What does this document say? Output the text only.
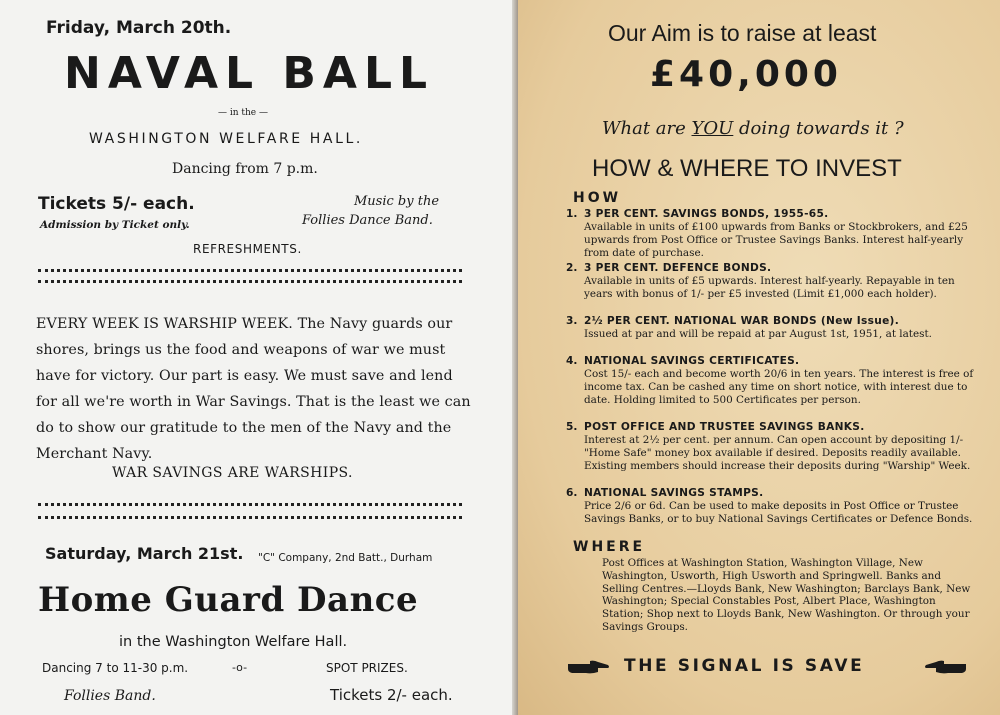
Friday, March 20th.
NAVAL BALL
— in the —
WASHINGTON WELFARE HALL.
Dancing from 7 p.m.
Tickets 5/- each.
Admission by Ticket only.
Music by the
Follies Dance Band.
REFRESHMENTS.
EVERY WEEK IS WARSHIP WEEK. The Navy guards our shores, brings us the food and weapons of war we must have for victory. Our part is easy. We must save and lend for all we're worth in War Savings. That is the least we can do to show our gratitude to the men of the Navy and the Merchant Navy.
WAR SAVINGS ARE WARSHIPS.
Saturday, March 21st. "C" Company, 2nd Batt., Durham
Home Guard Dance
in the Washington Welfare Hall.
Dancing 7 to 11-30 p.m.	-o-	SPOT PRIZES.
Follies Band.	Tickets 2/- each.
Our Aim is to raise at least
£40,000
What are YOU doing towards it ?
HOW & WHERE TO INVEST
HOW
1. 3 PER CENT. SAVINGS BONDS, 1955-65.
Available in units of £100 upwards from Banks or Stockbrokers, and £25 upwards from Post Office or Trustee Savings Banks. Interest half-yearly from date of purchase.
2. 3 PER CENT. DEFENCE BONDS.
Available in units of £5 upwards. Interest half-yearly. Repayable in ten years with bonus of 1/- per £5 invested (Limit £1,000 each holder).
3. 2½ PER CENT. NATIONAL WAR BONDS (New Issue).
Issued at par and will be repaid at par August 1st, 1951, at latest.
4. NATIONAL SAVINGS CERTIFICATES.
Cost 15/- each and become worth 20/6 in ten years. The interest is free of income tax. Can be cashed any time on short notice, with interest due to date. Holding limited to 500 Certificates per person.
5. POST OFFICE AND TRUSTEE SAVINGS BANKS.
Interest at 2½ per cent. per annum. Can open account by depositing 1/- "Home Safe" money box available if desired. Deposits readily available. Existing members should increase their deposits during "Warship" Week.
6. NATIONAL SAVINGS STAMPS.
Price 2/6 or 6d. Can be used to make deposits in Post Office or Trustee Savings Banks, or to buy National Savings Certificates or Defence Bonds.
WHERE
Post Offices at Washington Station, Washington Village, New Washington, Usworth, High Usworth and Springwell. Banks and Selling Centres.—Lloyds Bank, New Washington; Barclays Bank, New Washington; Special Constables Post, Albert Place, Washington Station; Shop next to Lloyds Bank, New Washington. Or through your Savings Groups.
THE SIGNAL IS SAVE
